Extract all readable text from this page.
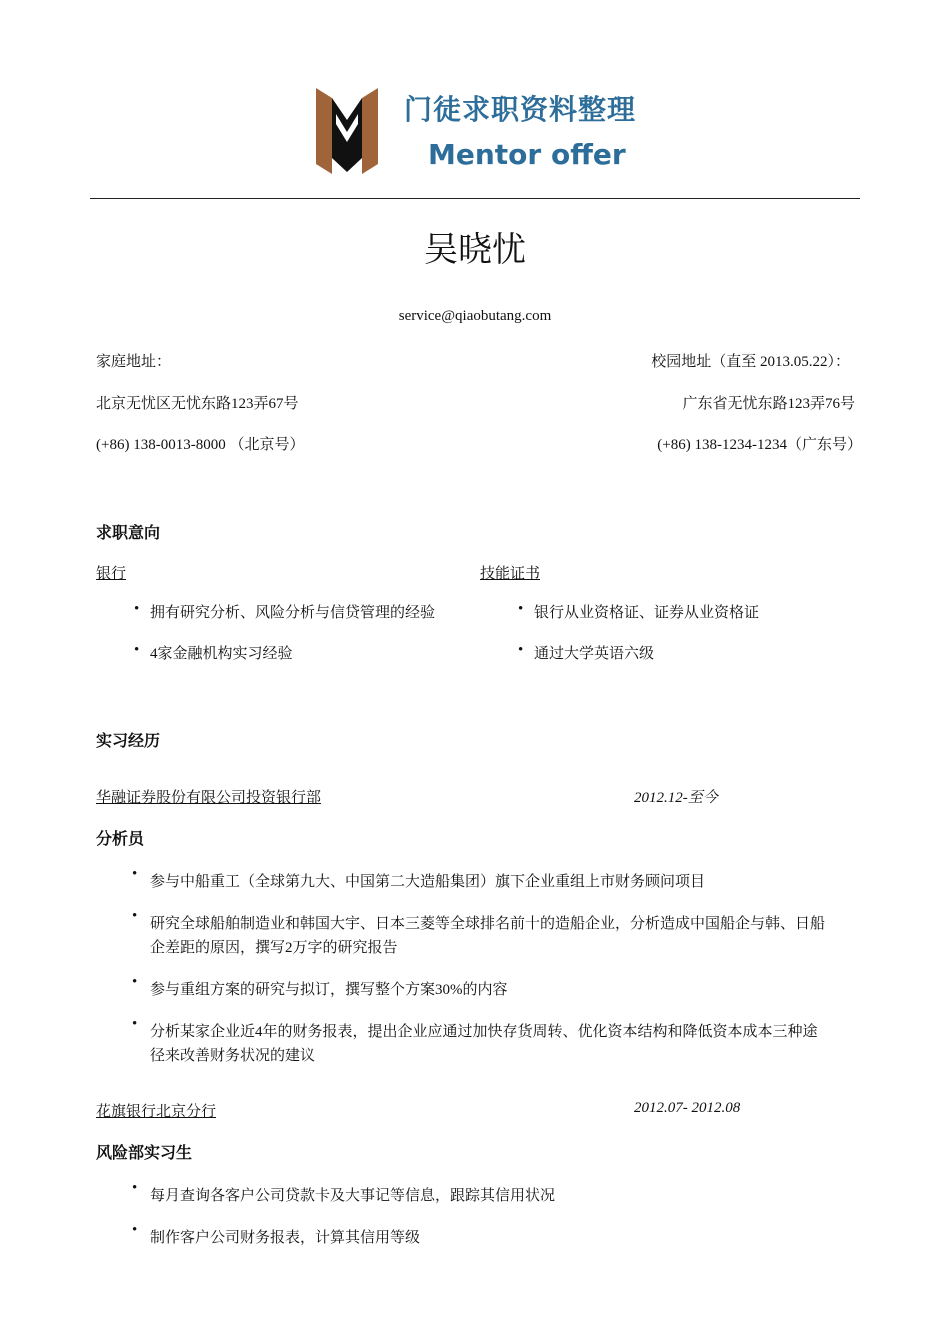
门徒求职资料整理
Mentor offer
吴晓忧
service@qiaobutang.com
家庭地址：	校园地址（直至 2013.05.22）：
北京无忧区无忧东路123弄67号	广东省无忧东路123弄76号
(+86) 138-0013-8000 （北京号）	(+86) 138-1234-1234（广东号）
求职意向
银行	技能证书
• 拥有研究分析、风险分析与信贷管理的经验
• 4家金融机构实习经验
• 银行从业资格证、证券从业资格证
• 通过大学英语六级
实习经历
华融证券股份有限公司投资银行部	2012.12-至今
分析员
• 参与中船重工（全球第九大、中国第二大造船集团）旗下企业重组上市财务顾问项目
• 研究全球船舶制造业和韩国大宇、日本三菱等全球排名前十的造船企业，分析造成中国船企与韩、日船
企差距的原因，撰写2万字的研究报告
• 参与重组方案的研究与拟订，撰写整个方案30%的内容
• 分析某家企业近4年的财务报表，提出企业应通过加快存货周转、优化资本结构和降低资本成本三种途
径来改善财务状况的建议
花旗银行北京分行	2012.07- 2012.08
风险部实习生
• 每月查询各客户公司贷款卡及大事记等信息，跟踪其信用状况
• 制作客户公司财务报表，计算其信用等级
